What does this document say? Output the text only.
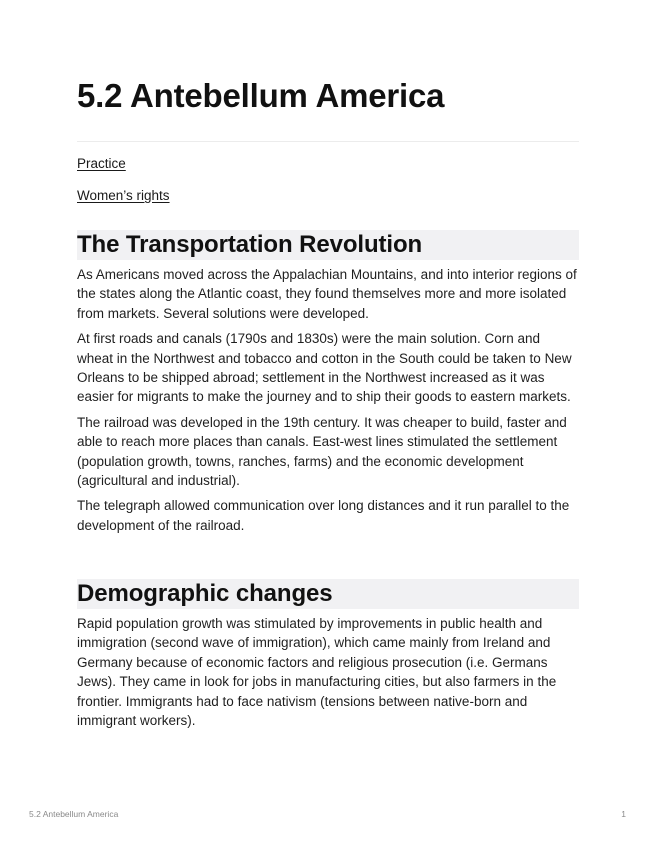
5.2 Antebellum America
Practice
Women’s rights
The Transportation Revolution

As Americans moved across the Appalachian Mountains, and into interior regions of the states along the Atlantic coast, they found themselves more and more isolated from markets. Several solutions were developed.

At first roads and canals (1790s and 1830s) were the main solution. Corn and wheat in the Northwest and tobacco and cotton in the South could be taken to New Orleans to be shipped abroad; settlement in the Northwest increased as it was easier for migrants to make the journey and to ship their goods to eastern markets.

The railroad was developed in the 19th century. It was cheaper to build, faster and able to reach more places than canals. East-west lines stimulated the settlement (population growth, towns, ranches, farms) and the economic development (agricultural and industrial).

The telegraph allowed communication over long distances and it run parallel to the development of the railroad.

Demographic changes

Rapid population growth was stimulated by improvements in public health and immigration (second wave of immigration), which came mainly from Ireland and Germany because of economic factors and religious prosecution (i.e. Germans Jews). They came in look for jobs in manufacturing cities, but also farmers in the frontier. Immigrants had to face nativism (tensions between native-born and immigrant workers).

5.2 Antebellum America	1
